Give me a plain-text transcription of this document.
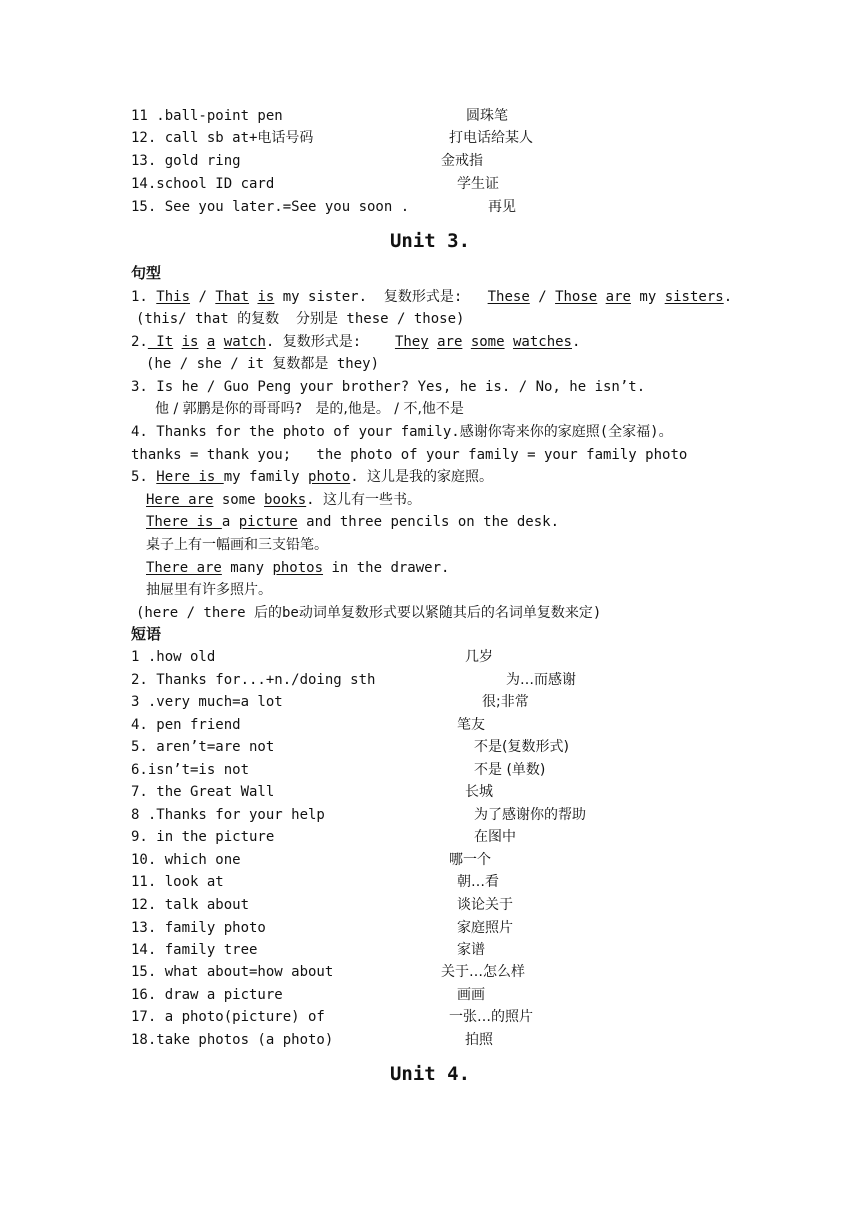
11 .ball-point pen	圆珠笔
12. call sb at+电话号码	打电话给某人
13. gold ring	金戒指
14.school ID card	学生证
15. See you later.=See you soon .	再见
Unit 3.
句型
1. This / That is my sister.  复数形式是:   These / Those are my sisters.
(this/ that 的复数  分别是 these / those)
2. It is a watch. 复数形式是:    They are some watches.
(he / she / it 复数都是 they)
3. Is he / Guo Peng your brother? Yes, he is. / No, he isn’t.
他 / 郭鹏是你的哥哥吗?   是的,他是。 / 不,他不是
4. Thanks for the photo of your family.感谢你寄来你的家庭照(全家福)。
thanks = thank you;   the photo of your family = your family photo
5. Here is my family photo. 这儿是我的家庭照。
Here are some books. 这儿有一些书。
There is a picture and three pencils on the desk.
桌子上有一幅画和三支铅笔。
There are many photos in the drawer.
抽屉里有许多照片。
(here / there 后的be动词单复数形式要以紧随其后的名词单复数来定)
短语
1 .how old	几岁
2. Thanks for...+n./doing sth	为…而感谢
3 .very much=a lot	很;非常
4. pen friend	笔友
5. aren’t=are not	不是(复数形式)
6.isn’t=is not	不是 (单数)
7. the Great Wall	长城
8 .Thanks for your help	为了感谢你的帮助
9. in the picture	在图中
10. which one	哪一个
11. look at	朝…看
12. talk about	谈论关于
13. family photo	家庭照片
14. family tree	家谱
15. what about=how about	关于…怎么样
16. draw a picture	画画
17. a photo(picture) of	一张…的照片
18.take photos (a photo)	拍照
Unit 4.
